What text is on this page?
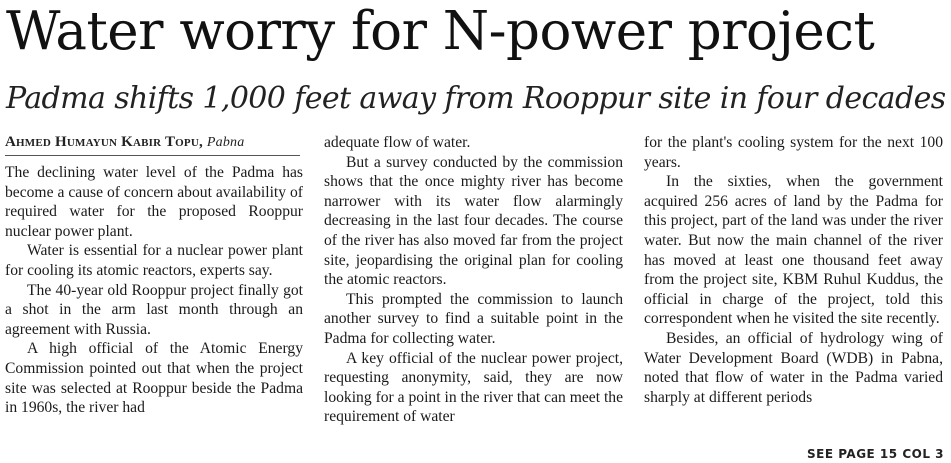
Water worry for N-power project
Padma shifts 1,000 feet away from Rooppur site in four decades
Ahmed Humayun Kabir Topu, Pabna

The declining water level of the Padma has become a cause of concern about availability of required water for the proposed Rooppur nuclear power plant.

Water is essential for a nuclear power plant for cooling its atomic reactors, experts say.

The 40-year old Rooppur project finally got a shot in the arm last month through an agreement with Russia.

A high official of the Atomic Energy Commission pointed out that when the project site was selected at Rooppur beside the Padma in 1960s, the river had

adequate flow of water.

But a survey conducted by the commission shows that the once mighty river has become narrower with its water flow alarmingly decreasing in the last four decades. The course of the river has also moved far from the project site, jeopardising the original plan for cooling the atomic reactors.

This prompted the commission to launch another survey to find a suitable point in the Padma for collecting water.

A key official of the nuclear power project, requesting anonymity, said, they are now looking for a point in the river that can meet the requirement of water

for the plant's cooling system for the next 100 years.

In the sixties, when the government acquired 256 acres of land by the Padma for this project, part of the land was under the river water. But now the main channel of the river has moved at least one thousand feet away from the project site, KBM Ruhul Kuddus, the official in charge of the project, told this correspondent when he visited the site recently.

Besides, an official of hydrology wing of Water Development Board (WDB) in Pabna, noted that flow of water in the Padma varied sharply at different periods

SEE PAGE 15 COL 3
